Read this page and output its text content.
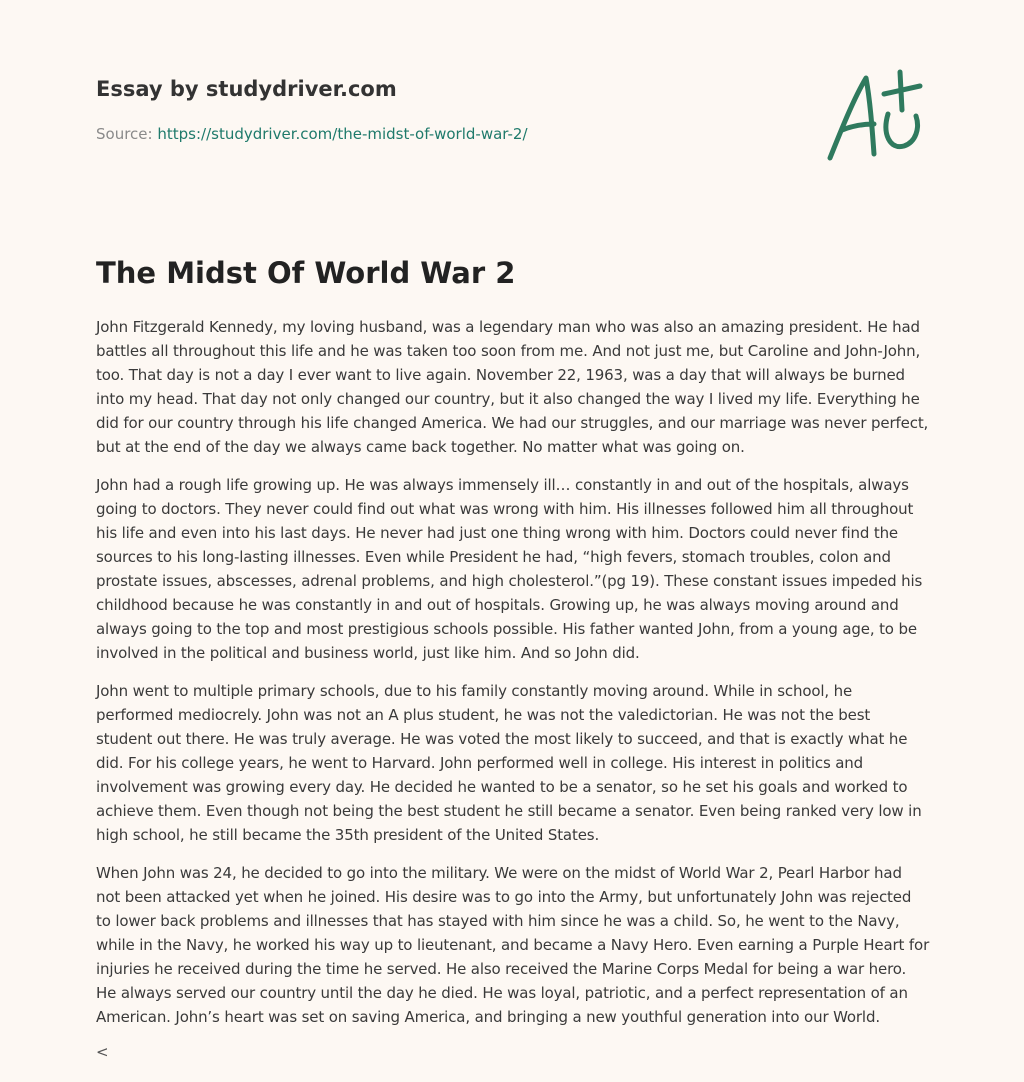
Essay by studydriver.com
Source: https://studydriver.com/the-midst-of-world-war-2/
The Midst Of World War 2

John Fitzgerald Kennedy, my loving husband, was a legendary man who was also an amazing president. He had battles all throughout this life and he was taken too soon from me. And not just me, but Caroline and John-John, too. That day is not a day I ever want to live again. November 22, 1963, was a day that will always be burned into my head. That day not only changed our country, but it also changed the way I lived my life. Everything he did for our country through his life changed America. We had our struggles, and our marriage was never perfect, but at the end of the day we always came back together. No matter what was going on.

John had a rough life growing up. He was always immensely ill… constantly in and out of the hospitals, always going to doctors. They never could find out what was wrong with him. His illnesses followed him all throughout his life and even into his last days. He never had just one thing wrong with him. Doctors could never find the sources to his long-lasting illnesses. Even while President he had, “high fevers, stomach troubles, colon and prostate issues, abscesses, adrenal problems, and high cholesterol.”(pg 19). These constant issues impeded his childhood because he was constantly in and out of hospitals. Growing up, he was always moving around and always going to the top and most prestigious schools possible. His father wanted John, from a young age, to be involved in the political and business world, just like him. And so John did.

John went to multiple primary schools, due to his family constantly moving around. While in school, he performed mediocrely. John was not an A plus student, he was not the valedictorian. He was not the best student out there. He was truly average. He was voted the most likely to succeed, and that is exactly what he did. For his college years, he went to Harvard. John performed well in college. His interest in politics and involvement was growing every day. He decided he wanted to be a senator, so he set his goals and worked to achieve them. Even though not being the best student he still became a senator. Even being ranked very low in high school, he still became the 35th president of the United States.

When John was 24, he decided to go into the military. We were on the midst of World War 2, Pearl Harbor had not been attacked yet when he joined. His desire was to go into the Army, but unfortunately John was rejected to lower back problems and illnesses that has stayed with him since he was a child. So, he went to the Navy, while in the Navy, he worked his way up to lieutenant, and became a Navy Hero. Even earning a Purple Heart for injuries he received during the time he served. He also received the Marine Corps Medal for being a war hero. He always served our country until the day he died. He was loyal, patriotic, and a perfect representation of an American. John’s heart was set on saving America, and bringing a new youthful generation into our World.

<
